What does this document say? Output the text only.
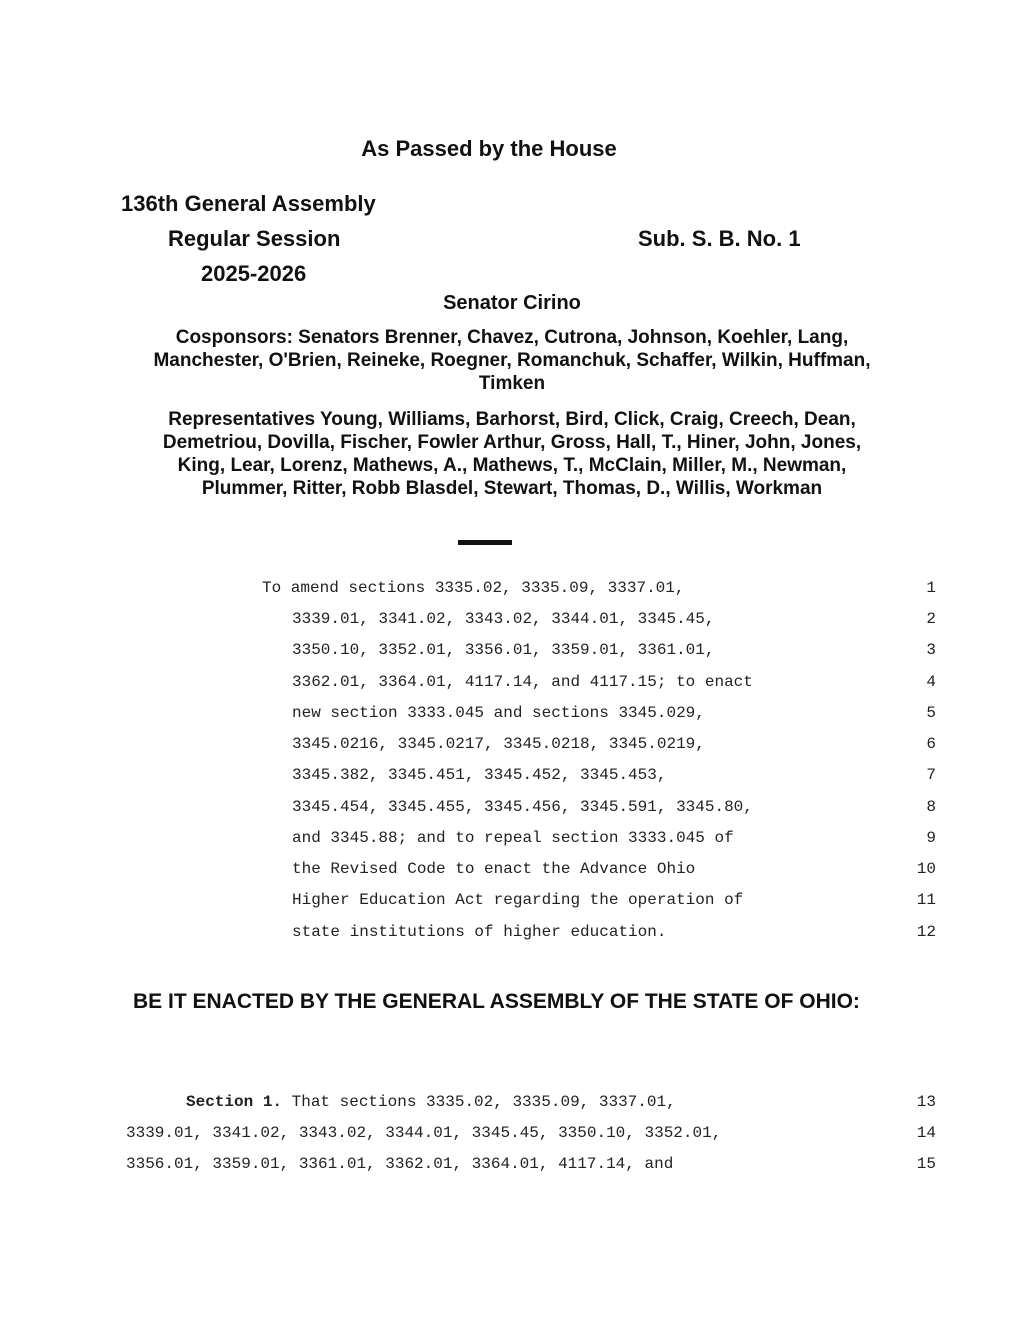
As Passed by the House
136th General Assembly
Regular Session
2025-2026
Sub. S. B. No. 1
Senator Cirino
Cosponsors: Senators Brenner, Chavez, Cutrona, Johnson, Koehler, Lang,
Manchester, O'Brien, Reineke, Roegner, Romanchuk, Schaffer, Wilkin, Huffman,
Timken
Representatives Young, Williams, Barhorst, Bird, Click, Craig, Creech, Dean,
Demetriou, Dovilla, Fischer, Fowler Arthur, Gross, Hall, T., Hiner, John, Jones,
King, Lear, Lorenz, Mathews, A., Mathews, T., McClain, Miller, M., Newman,
Plummer, Ritter, Robb Blasdel, Stewart, Thomas, D., Willis, Workman
To amend sections 3335.02, 3335.09, 3337.01,	1
3339.01, 3341.02, 3343.02, 3344.01, 3345.45,	2
3350.10, 3352.01, 3356.01, 3359.01, 3361.01,	3
3362.01, 3364.01, 4117.14, and 4117.15; to enact	4
new section 3333.045 and sections 3345.029,	5
3345.0216, 3345.0217, 3345.0218, 3345.0219,	6
3345.382, 3345.451, 3345.452, 3345.453,	7
3345.454, 3345.455, 3345.456, 3345.591, 3345.80,	8
and 3345.88; and to repeal section 3333.045 of	9
the Revised Code to enact the Advance Ohio	10
Higher Education Act regarding the operation of	11
state institutions of higher education.	12
BE IT ENACTED BY THE GENERAL ASSEMBLY OF THE STATE OF OHIO:
Section 1. That sections 3335.02, 3335.09, 3337.01,	13
3339.01, 3341.02, 3343.02, 3344.01, 3345.45, 3350.10, 3352.01,	14
3356.01, 3359.01, 3361.01, 3362.01, 3364.01, 4117.14, and	15
